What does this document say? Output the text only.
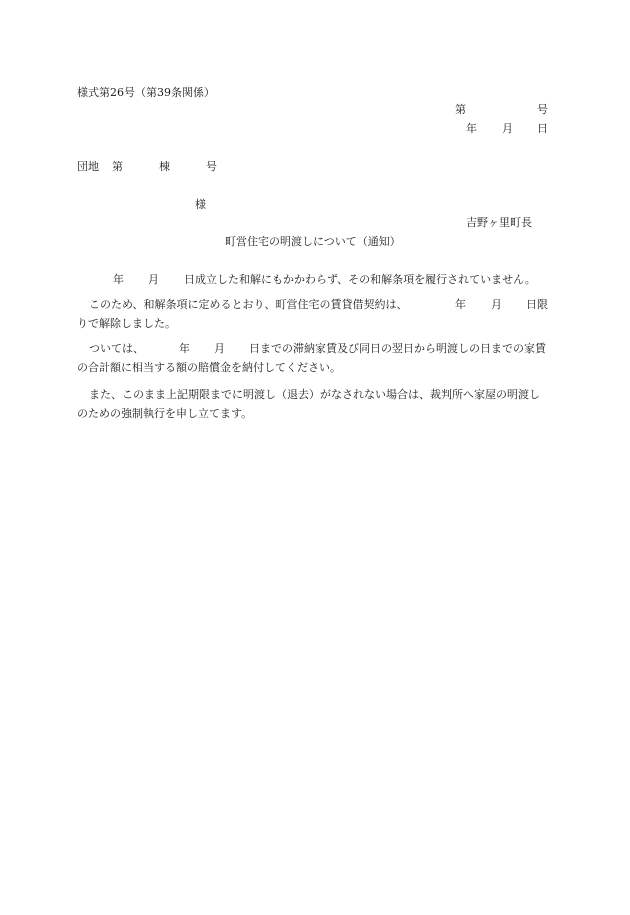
様式第26号（第39条関係）
第	号
年 月 日
団地 第	棟	号
様
吉野ヶ里町長
町営住宅の明渡しについて（通知）
年 月 日成立した和解にもかかわらず、その和解条項を履行されていません。
このため、和解条項に定めるとおり、町営住宅の賃貸借契約は、	年 月 日限
りで解除しました。
ついては、	年 月 日までの滞納家賃及び同日の翌日から明渡しの日までの家賃の合計額に相当する額の賠償金を納付してください。
また、このまま上記期限までに明渡し（退去）がなされない場合は、裁判所へ家屋の明渡しのための強制執行を申し立てます。
